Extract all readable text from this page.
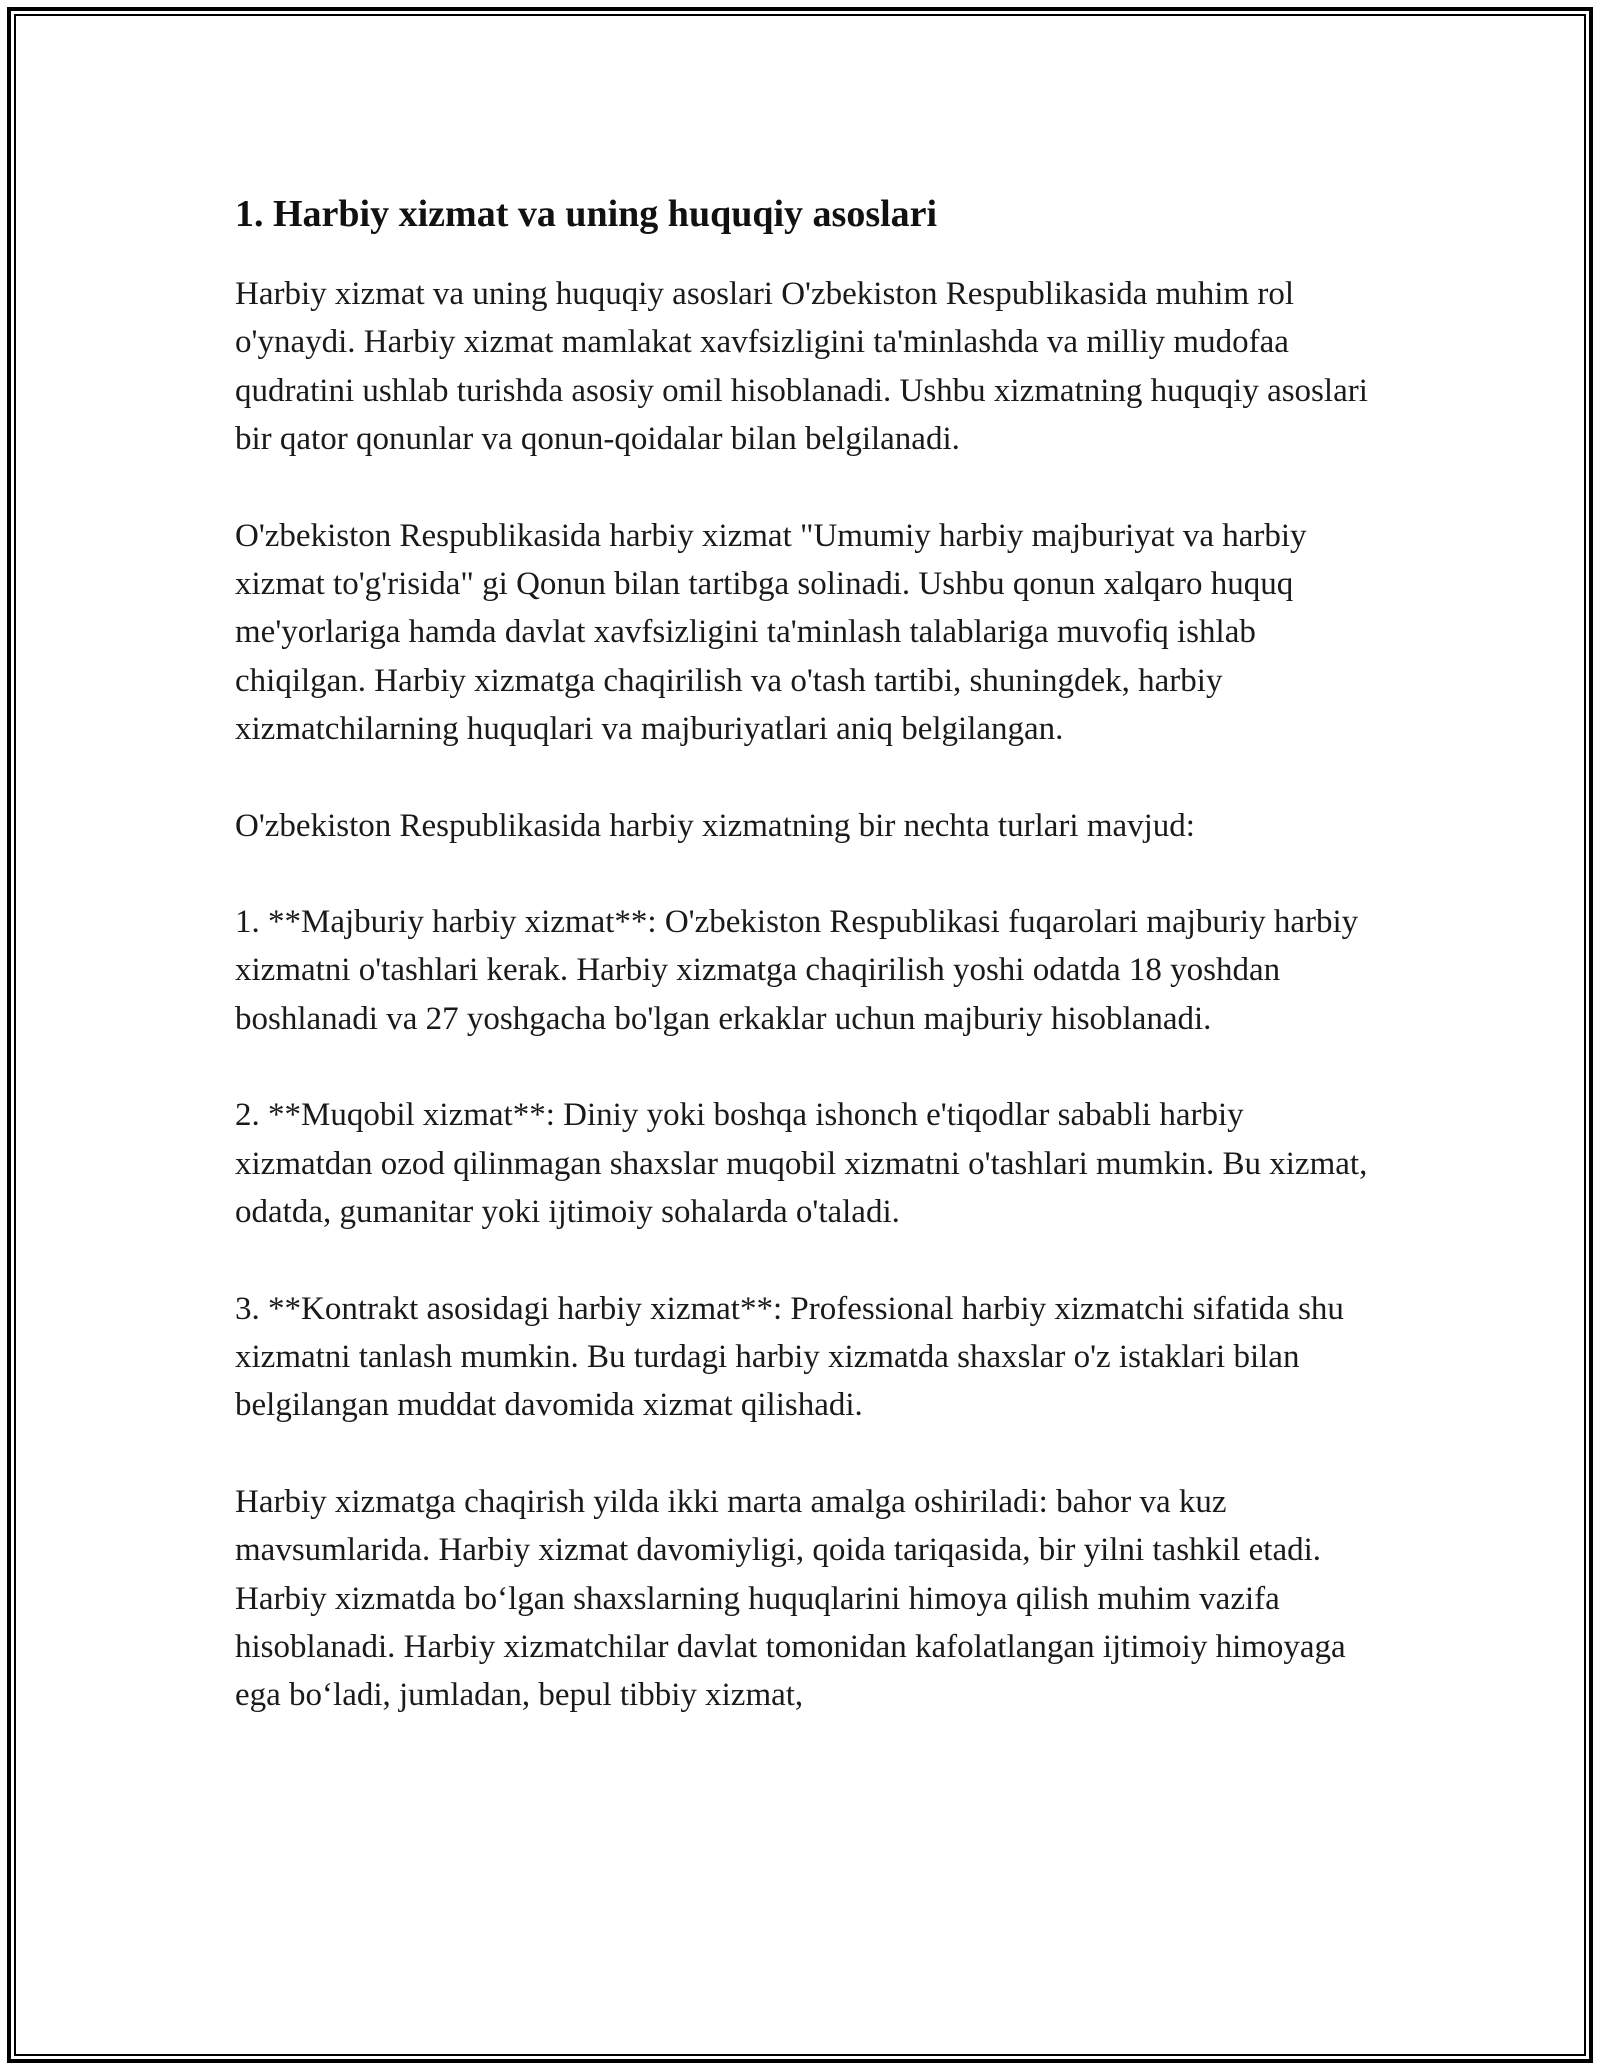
1. Harbiy xizmat va uning huquqiy asoslari

Harbiy xizmat va uning huquqiy asoslari O'zbekiston Respublikasida muhim rol o'ynaydi. Harbiy xizmat mamlakat xavfsizligini ta'minlashda va milliy mudofaa qudratini ushlab turishda asosiy omil hisoblanadi. Ushbu xizmatning huquqiy asoslari bir qator qonunlar va qonun-qoidalar bilan belgilanadi.

O'zbekiston Respublikasida harbiy xizmat "Umumiy harbiy majburiyat va harbiy xizmat to'g'risida" gi Qonun bilan tartibga solinadi. Ushbu qonun xalqaro huquq me'yorlariga hamda davlat xavfsizligini ta'minlash talablariga muvofiq ishlab chiqilgan. Harbiy xizmatga chaqirilish va o'tash tartibi, shuningdek, harbiy xizmatchilarning huquqlari va majburiyatlari aniq belgilangan.

O'zbekiston Respublikasida harbiy xizmatning bir nechta turlari mavjud:

1. **Majburiy harbiy xizmat**: O'zbekiston Respublikasi fuqarolari majburiy harbiy xizmatni o'tashlari kerak. Harbiy xizmatga chaqirilish yoshi odatda 18 yoshdan boshlanadi va 27 yoshgacha bo'lgan erkaklar uchun majburiy hisoblanadi.

2. **Muqobil xizmat**: Diniy yoki boshqa ishonch e'tiqodlar sababli harbiy xizmatdan ozod qilinmagan shaxslar muqobil xizmatni o'tashlari mumkin. Bu xizmat, odatda, gumanitar yoki ijtimoiy sohalarda o'taladi.

3. **Kontrakt asosidagi harbiy xizmat**: Professional harbiy xizmatchi sifatida shu xizmatni tanlash mumkin. Bu turdagi harbiy xizmatda shaxslar o'z istaklari bilan belgilangan muddat davomida xizmat qilishadi.

Harbiy xizmatga chaqirish yilda ikki marta amalga oshiriladi: bahor va kuz mavsumlarida. Harbiy xizmat davomiyligi, qoida tariqasida, bir yilni tashkil etadi. Harbiy xizmatda bo‘lgan shaxslarning huquqlarini himoya qilish muhim vazifa hisoblanadi. Harbiy xizmatchilar davlat tomonidan kafolatlangan ijtimoiy himoyaga ega bo‘ladi, jumladan, bepul tibbiy xizmat,
